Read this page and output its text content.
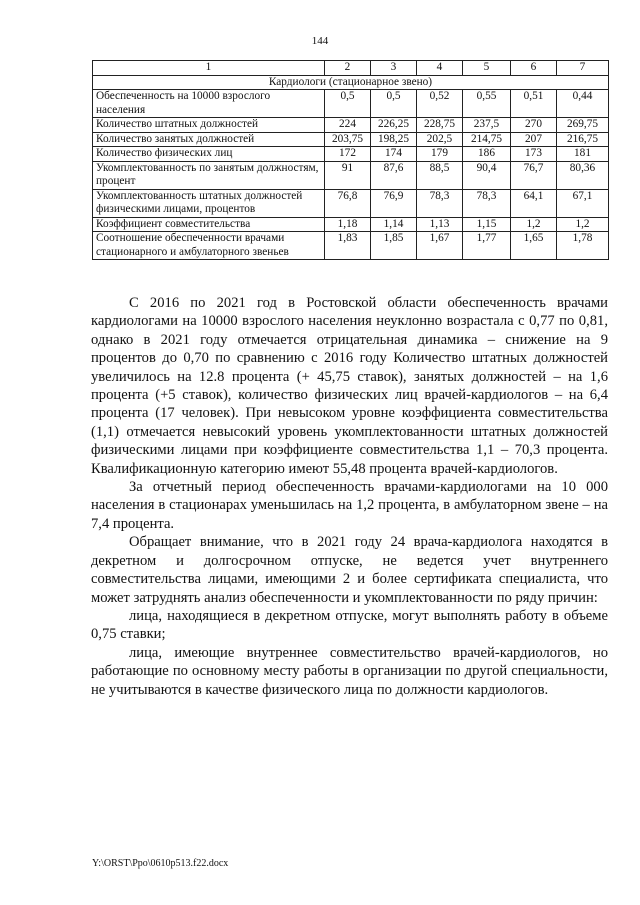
144
1	2	3	4	5	6	7
Кардиологи (стационарное звено)						
Обеспеченность на 10000 взрослого населения	0,5	0,5	0,52	0,55	0,51	0,44
Количество штатных должностей	224	226,25	228,75	237,5	270	269,75
Количество занятых должностей	203,75	198,25	202,5	214,75	207	216,75
Количество физических лиц	172	174	179	186	173	181
Укомплектованность по занятым должностям, процент	91	87,6	88,5	90,4	76,7	80,36
Укомплектованность штатных должностей физическими лицами, процентов	76,8	76,9	78,3	78,3	64,1	67,1
Коэффициент совместительства	1,18	1,14	1,13	1,15	1,2	1,2
Соотношение обеспеченности врачами стационарного и амбулаторного звеньев	1,83	1,85	1,67	1,77	1,65	1,78

С 2016 по 2021 год в Ростовской области обеспеченность врачами кардиологами на 10000 взрослого населения неуклонно возрастала с 0,77 по 0,81, однако в 2021 году отмечается отрицательная динамика – снижение на 9 процентов до 0,70 по сравнению с 2016 году Количество штатных должностей увеличилось на 12.8 процента (+ 45,75 ставок), занятых должностей – на 1,6 процента (+5 ставок), количество физических лиц врачей-кардиологов – на 6,4 процента (17 человек). При невысоком уровне коэффициента совместительства (1,1) отмечается невысокий уровень укомплектованности штатных должностей физическими лицами при коэффициенте совместительства 1,1 – 70,3 процента. Квалификационную категорию имеют 55,48 процента врачей-кардиологов.

За отчетный период обеспеченность врачами-кардиологами на 10 000 населения в стационарах уменьшилась на 1,2 процента, в амбулаторном звене – на 7,4 процента.

Обращает внимание, что в 2021 году 24 врача-кардиолога находятся в декретном и долгосрочном отпуске, не ведется учет внутреннего совместительства лицами, имеющими 2 и более сертификата специалиста, что может затруднять анализ обеспеченности и укомплектованности по ряду причин:

лица, находящиеся в декретном отпуске, могут выполнять работу в объеме 0,75 ставки;

лица, имеющие внутреннее совместительство врачей-кардиологов, но работающие по основному месту работы в организации по другой специальности, не учитываются в качестве физического лица по должности кардиологов.

Y:\ORST\Ppo\0610p513.f22.docx
